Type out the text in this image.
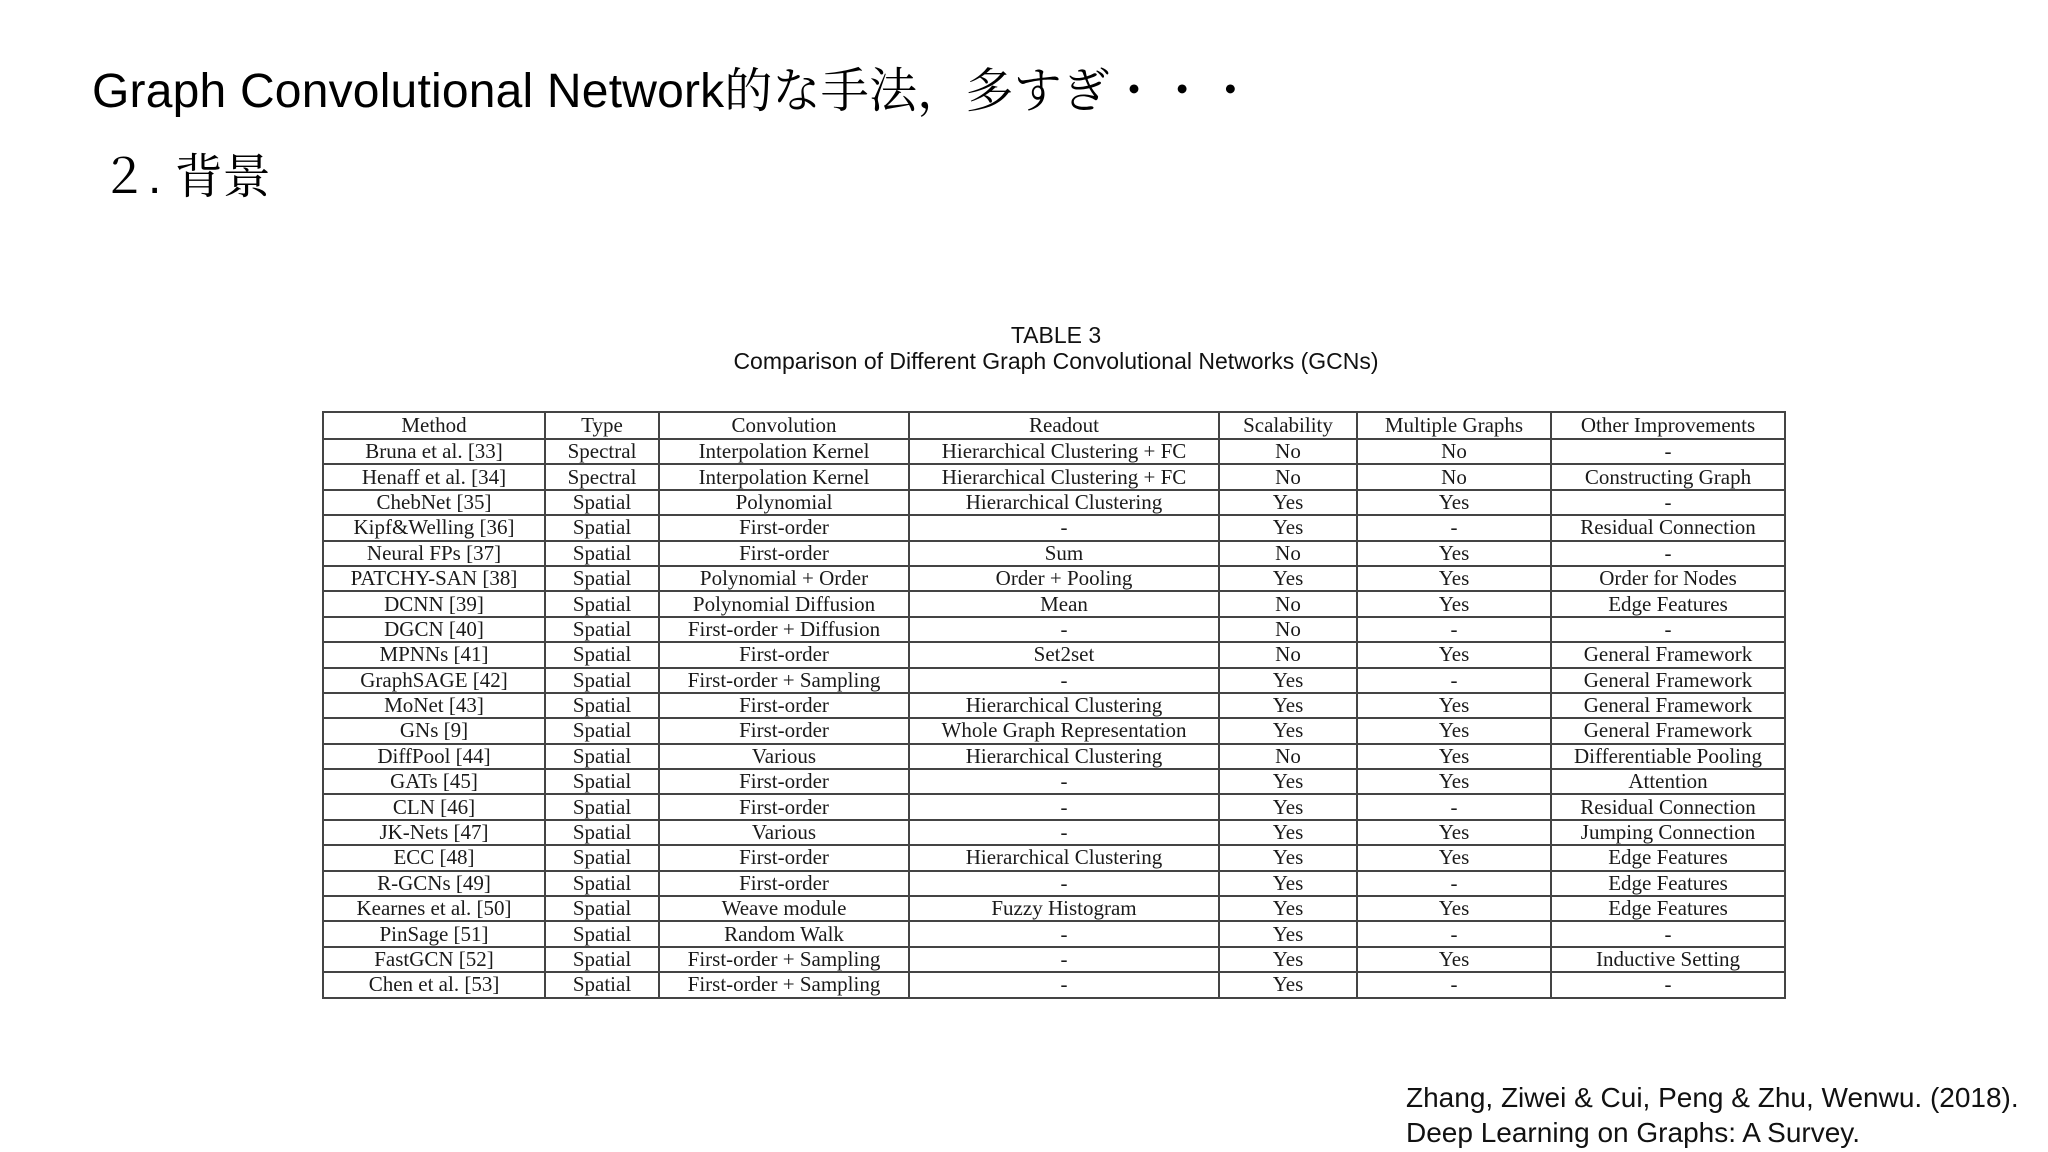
Graph Convolutional Network的な手法，多すぎ・・・
２. 背景
TABLE 3
Comparison of Different Graph Convolutional Networks (GCNs)
Method	Type	Convolution	Readout	Scalability	Multiple Graphs	Other Improvements
Bruna et al. [33]	Spectral	Interpolation Kernel	Hierarchical Clustering + FC	No	No	-
Henaff et al. [34]	Spectral	Interpolation Kernel	Hierarchical Clustering + FC	No	No	Constructing Graph
ChebNet [35]	Spatial	Polynomial	Hierarchical Clustering	Yes	Yes	-
Kipf&Welling [36]	Spatial	First-order	-	Yes	-	Residual Connection
Neural FPs [37]	Spatial	First-order	Sum	No	Yes	-
PATCHY-SAN [38]	Spatial	Polynomial + Order	Order + Pooling	Yes	Yes	Order for Nodes
DCNN [39]	Spatial	Polynomial Diffusion	Mean	No	Yes	Edge Features
DGCN [40]	Spatial	First-order + Diffusion	-	No	-	-
MPNNs [41]	Spatial	First-order	Set2set	No	Yes	General Framework
GraphSAGE [42]	Spatial	First-order + Sampling	-	Yes	-	General Framework
MoNet [43]	Spatial	First-order	Hierarchical Clustering	Yes	Yes	General Framework
GNs [9]	Spatial	First-order	Whole Graph Representation	Yes	Yes	General Framework
DiffPool [44]	Spatial	Various	Hierarchical Clustering	No	Yes	Differentiable Pooling
GATs [45]	Spatial	First-order	-	Yes	Yes	Attention
CLN [46]	Spatial	First-order	-	Yes	-	Residual Connection
JK-Nets [47]	Spatial	Various	-	Yes	Yes	Jumping Connection
ECC [48]	Spatial	First-order	Hierarchical Clustering	Yes	Yes	Edge Features
R-GCNs [49]	Spatial	First-order	-	Yes	-	Edge Features
Kearnes et al. [50]	Spatial	Weave module	Fuzzy Histogram	Yes	Yes	Edge Features
PinSage [51]	Spatial	Random Walk	-	Yes	-	-
FastGCN [52]	Spatial	First-order + Sampling	-	Yes	Yes	Inductive Setting
Chen et al. [53]	Spatial	First-order + Sampling	-	Yes	-	-
Zhang, Ziwei & Cui, Peng & Zhu, Wenwu. (2018).
Deep Learning on Graphs: A Survey.
